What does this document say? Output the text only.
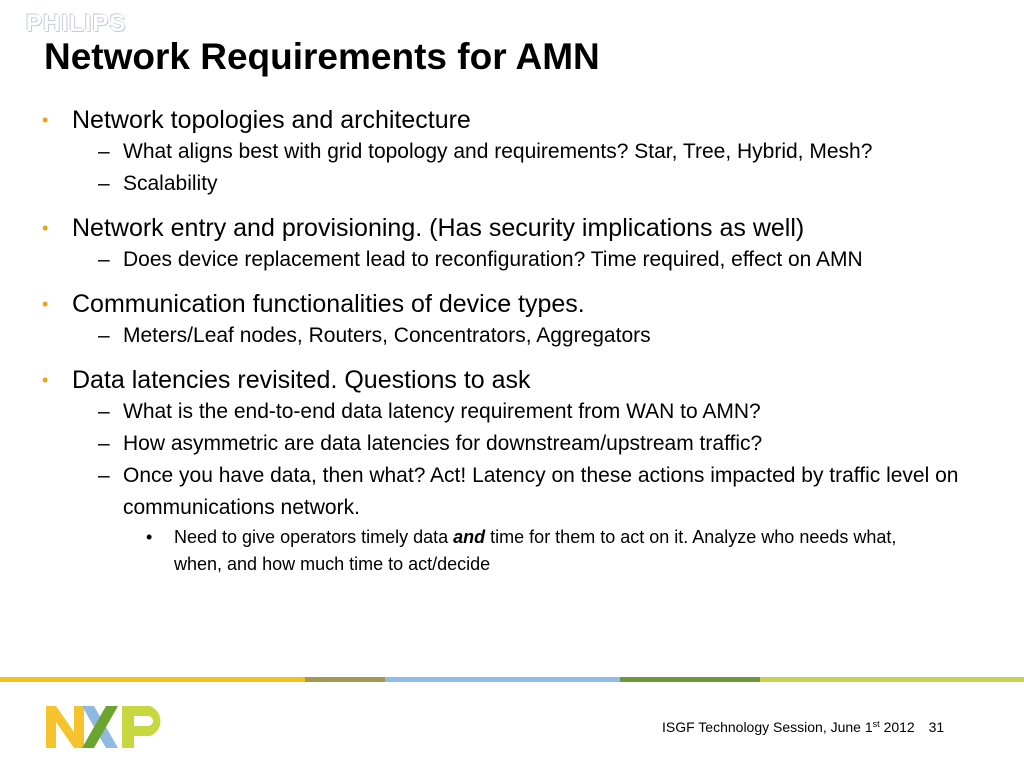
PHILIPS
Network Requirements for AMN
• Network topologies and architecture
– What aligns best with grid topology and requirements? Star, Tree, Hybrid, Mesh?
– Scalability
• Network entry and provisioning. (Has security implications as well)
– Does device replacement lead to reconfiguration? Time required, effect on AMN
• Communication functionalities of device types.
– Meters/Leaf nodes, Routers, Concentrators, Aggregators
• Data latencies revisited. Questions to ask
– What is the end-to-end data latency requirement from WAN to AMN?
– How asymmetric are data latencies for downstream/upstream traffic?
– Once you have data, then what? Act! Latency on these actions impacted by traffic level on communications network.
• Need to give operators timely data and time for them to act on it. Analyze who needs what, when, and how much time to act/decide
ISGF Technology Session, June 1st 2012 31
